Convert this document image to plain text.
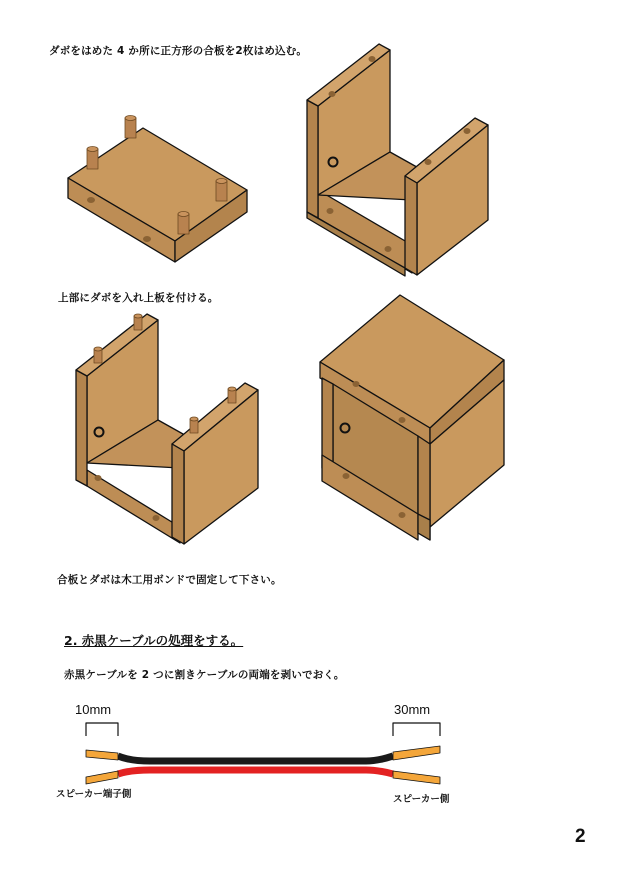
ダボをはめた 4 か所に正方形の合板を2枚はめ込む。
上部にダボを入れ上板を付ける。
合板とダボは木工用ボンドで固定して下さい。
2. 赤黒ケーブルの処理をする。
赤黒ケーブルを 2 つに割きケーブルの両端を剥いでおく。
10mm	30mm
スピーカー端子側	スピーカー側
2
